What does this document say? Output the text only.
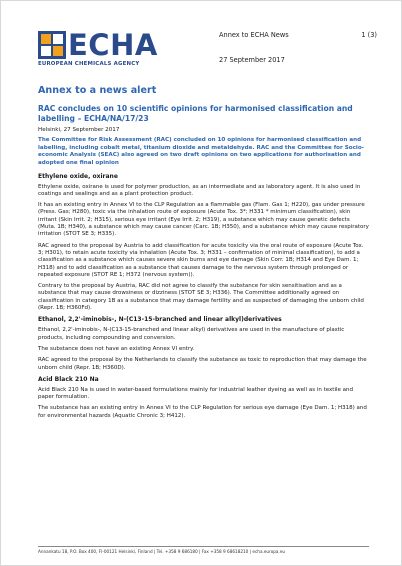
ECHA
EUROPEAN CHEMICALS AGENCY
Annex to ECHA News	1 (3)
27 September 2017
Annex to a news alert
RAC concludes on 10 scientific opinions for harmonised classification and labelling – ECHA/NA/17/23
Helsinki, 27 September 2017
The Committee for Risk Assessment (RAC) concluded on 10 opinions for harmonised classification and labelling, including cobalt metal, titanium dioxide and metaldehyde. RAC and the Committee for Socio-economic Analysis (SEAC) also agreed on two draft opinions on two applications for authorisation and adopted one final opinion
Ethylene oxide, oxirane
Ethylene oxide, oxirane is used for polymer production, as an intermediate and as laboratory agent. It is also used in coatings and sealings and as a plant protection product.
It has an existing entry in Annex VI to the CLP Regulation as a flammable gas (Flam. Gas 1; H220), gas under pressure (Press. Gas; H280), toxic via the inhalation route of exposure (Acute Tox. 3*; H331 * minimum classification), skin irritant (Skin Irrit. 2; H315), serious eye irritant (Eye Irrit. 2; H319), a substance which may cause genetic defects (Muta. 1B; H340), a substance which may cause cancer (Carc. 1B; H350), and a substance which may cause respiratory irritation (STOT SE 3; H335).
RAC agreed to the proposal by Austria to add classification for acute toxicity via the oral route of exposure (Acute Tox. 3; H301), to retain acute toxicity via inhalation (Acute Tox. 3; H331 – confirmation of minimal classification), to add a classification as a substance which causes severe skin burns and eye damage (Skin Corr. 1B; H314 and Eye Dam. 1; H318) and to add classification as a substance that causes damage to the nervous system through prolonged or repeated exposure (STOT RE 1; H372 (nervous system)).
Contrary to the proposal by Austria, RAC did not agree to classify the substance for skin sensitisation and as a substance that may cause drowsiness or dizziness (STOT SE 3; H336). The Committee additionally agreed on classification in category 1B as a substance that may damage fertility and as suspected of damaging the unborn child (Repr. 1B; H360Fd).
Ethanol, 2,2'-iminobis-, N-(C13-15-branched and linear alkyl)derivatives
Ethanol, 2,2'-iminobis-, N-(C13-15-branched and linear alkyl) derivatives are used in the manufacture of plastic products, including compounding and conversion.
The substance does not have an existing Annex VI entry.
RAC agreed to the proposal by the Netherlands to classify the substance as toxic to reproduction that may damage the unborn child (Repr. 1B; H360D).
Acid Black 210 Na
Acid Black 210 Na is used in water-based formulations mainly for industrial leather dyeing as well as in textile and paper formulation.
The substance has an existing entry in Annex VI to the CLP Regulation for serious eye damage (Eye Dam. 1; H318) and for environmental hazards (Aquatic Chronic 3; H412).
Annankatu 18, P.O. Box 400, FI-00121 Helsinki, Finland | Tel. +358 9 686180 | Fax +358 9 68618210 | echa.europa.eu
